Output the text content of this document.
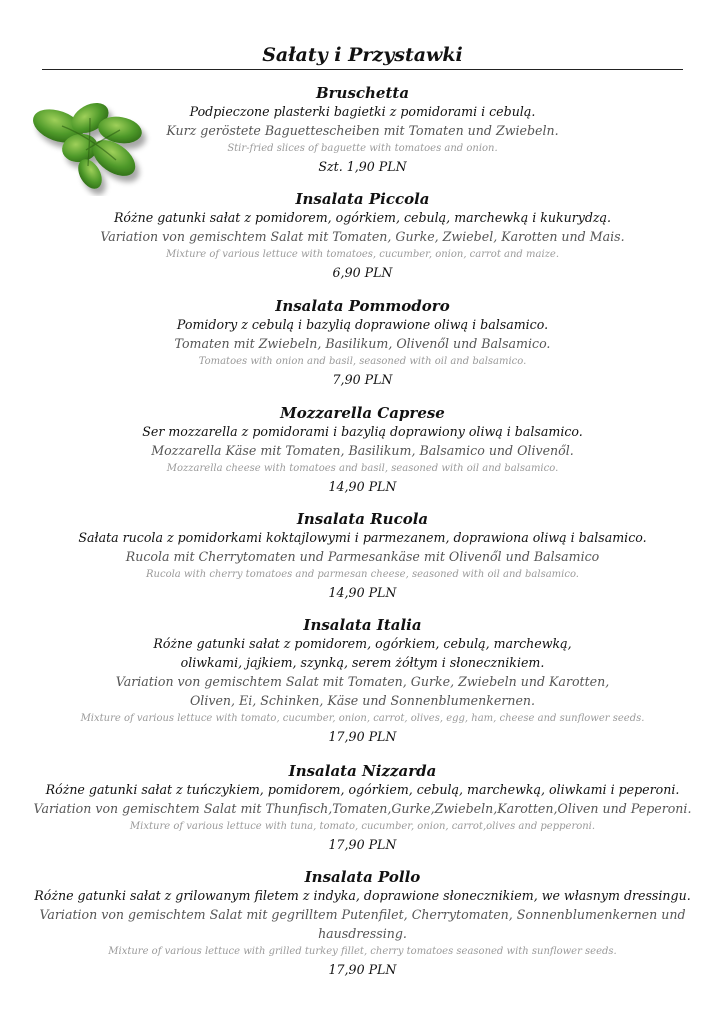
Sałaty i Przystawki
Bruschetta
Podpieczone plasterki bagietki z pomidorami i cebulą.
Kurz geröstete Baguettescheiben mit Tomaten und Zwiebeln.
Stir-fried slices of baguette with tomatoes and onion.
Szt. 1,90 PLN
Insalata Piccola
Różne gatunki sałat z pomidorem, ogórkiem, cebulą, marchewką i kukurydzą.
Variation von gemischtem Salat mit Tomaten, Gurke, Zwiebel, Karotten und Mais.
Mixture of various lettuce with tomatoes, cucumber, onion, carrot and maize.
6,90 PLN
Insalata Pommodoro
Pomidory z cebulą i bazylią doprawione oliwą i balsamico.
Tomaten mit Zwiebeln, Basilikum, Olivenől und Balsamico.
Tomatoes with onion and basil, seasoned with oil and balsamico.
7,90 PLN
Mozzarella Caprese
Ser mozzarella z pomidorami i bazylią doprawiony oliwą i balsamico.
Mozzarella Käse mit Tomaten, Basilikum, Balsamico und Olivenől.
Mozzarella cheese with tomatoes and basil, seasoned with oil and balsamico.
14,90 PLN
Insalata Rucola
Sałata rucola z pomidorkami koktajlowymi i parmezanem, doprawiona oliwą i balsamico.
Rucola mit Cherrytomaten und Parmesankäse mit Olivenől und Balsamico
Rucola with cherry tomatoes and parmesan cheese, seasoned with oil and balsamico.
14,90 PLN
Insalata Italia
Różne gatunki sałat z pomidorem, ogórkiem, cebulą, marchewką,
oliwkami, jajkiem, szynką, serem żółtym i słonecznikiem.
Variation von gemischtem Salat mit Tomaten, Gurke, Zwiebeln und Karotten,
Oliven, Ei, Schinken, Käse und Sonnenblumenkernen.
Mixture of various lettuce with tomato, cucumber, onion, carrot, olives, egg, ham, cheese and sunflower seeds.
17,90 PLN
Insalata Nizzarda
Różne gatunki sałat z tuńczykiem, pomidorem, ogórkiem, cebulą, marchewką, oliwkami i peperoni.
Variation von gemischtem Salat mit Thunfisch,Tomaten,Gurke,Zwiebeln,Karotten,Oliven und Peperoni.
Mixture of various lettuce with tuna, tomato, cucumber, onion, carrot,olives and pepperoni.
17,90 PLN
Insalata Pollo
Różne gatunki sałat z grilowanym filetem z indyka, doprawione słonecznikiem, we własnym dressingu.
Variation von gemischtem Salat mit gegrilltem Putenfilet, Cherrytomaten, Sonnenblumenkernen und
hausdressing.
Mixture of various lettuce with grilled turkey fillet, cherry tomatoes seasoned with sunflower seeds.
17,90 PLN
